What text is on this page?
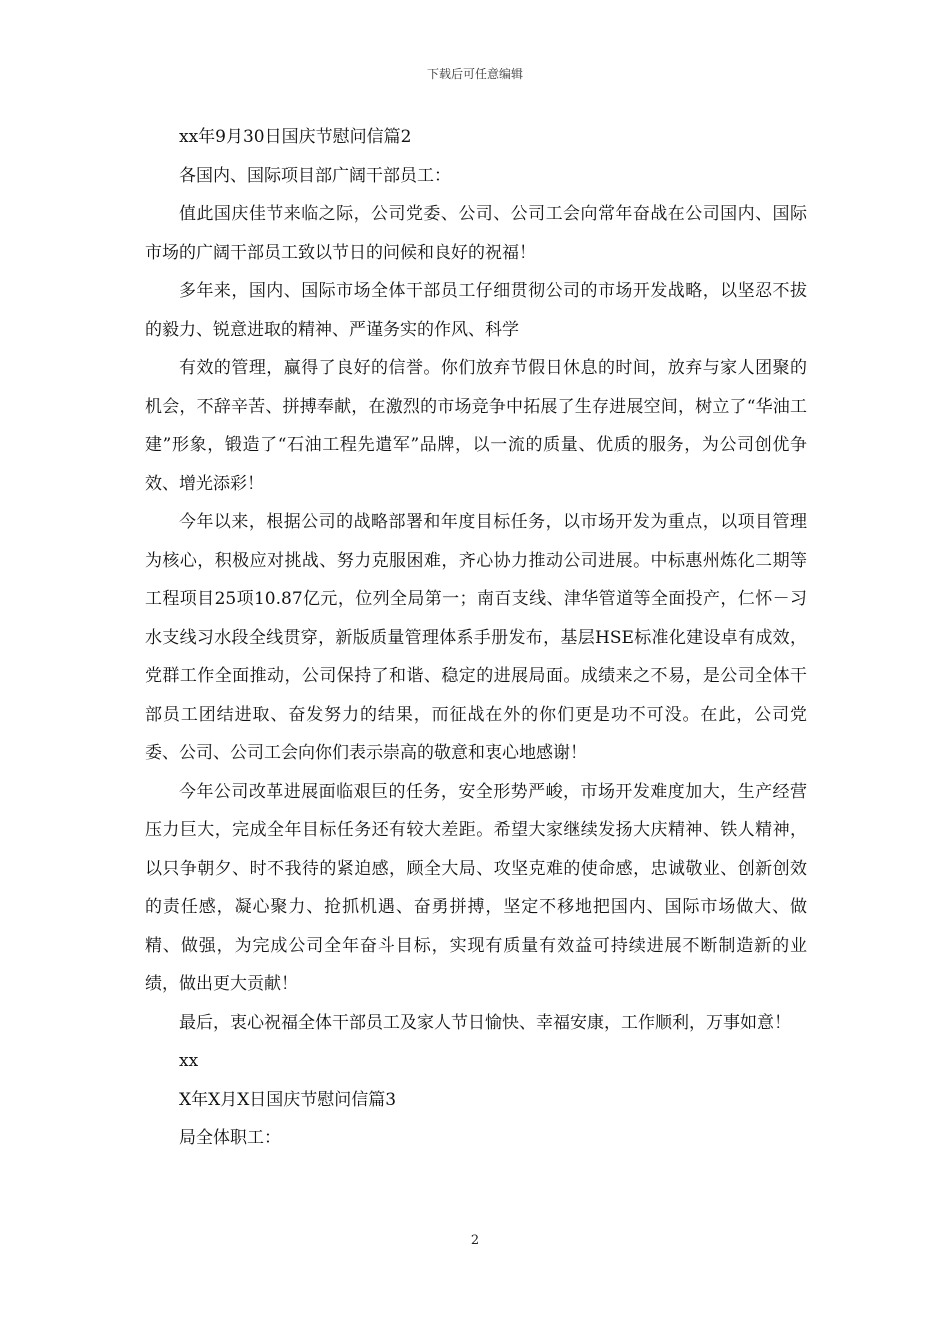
下载后可任意编辑
xx年9月30日国庆节慰问信篇2
各国内、国际项目部广阔干部员工：

值此国庆佳节来临之际，公司党委、公司、公司工会向常年奋战在公司国内、国际市场的广阔干部员工致以节日的问候和良好的祝福！

多年来，国内、国际市场全体干部员工仔细贯彻公司的市场开发战略，以坚忍不拔的毅力、锐意进取的精神、严谨务实的作风、科学

有效的管理，赢得了良好的信誉。你们放弃节假日休息的时间，放弃与家人团聚的机会，不辞辛苦、拼搏奉献，在激烈的市场竞争中拓展了生存进展空间，树立了“华油工建”形象，锻造了“石油工程先遣军”品牌，以一流的质量、优质的服务，为公司创优争效、增光添彩！

今年以来，根据公司的战略部署和年度目标任务，以市场开发为重点，以项目管理为核心，积极应对挑战、努力克服困难，齐心协力推动公司进展。中标惠州炼化二期等工程项目25项10.87亿元，位列全局第一；南百支线、津华管道等全面投产，仁怀－习水支线习水段全线贯穿，新版质量管理体系手册发布，基层HSE标准化建设卓有成效，党群工作全面推动，公司保持了和谐、稳定的进展局面。成绩来之不易，是公司全体干部员工团结进取、奋发努力的结果，而征战在外的你们更是功不可没。在此，公司党委、公司、公司工会向你们表示崇高的敬意和衷心地感谢！

今年公司改革进展面临艰巨的任务，安全形势严峻，市场开发难度加大，生产经营压力巨大，完成全年目标任务还有较大差距。希望大家继续发扬大庆精神、铁人精神，以只争朝夕、时不我待的紧迫感，顾全大局、攻坚克难的使命感，忠诚敬业、创新创效的责任感，凝心聚力、抢抓机遇、奋勇拼搏，坚定不移地把国内、国际市场做大、做精、做强，为完成公司全年奋斗目标，实现有质量有效益可持续进展不断制造新的业绩，做出更大贡献！

最后，衷心祝福全体干部员工及家人节日愉快、幸福安康，工作顺利，万事如意！

xx
X年X月X日国庆节慰问信篇3
局全体职工：
2
